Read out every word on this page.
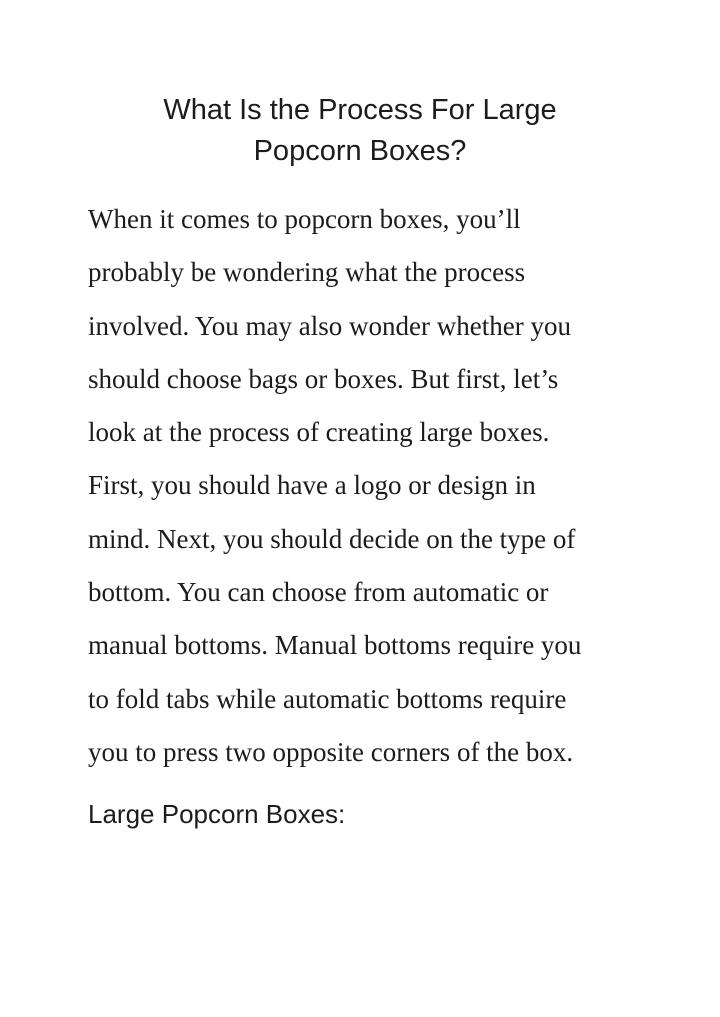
What Is the Process For Large
Popcorn Boxes?

When it comes to popcorn boxes, you’ll
probably be wondering what the process
involved. You may also wonder whether you
should choose bags or boxes. But first, let’s
look at the process of creating large boxes.
First, you should have a logo or design in
mind. Next, you should decide on the type of
bottom. You can choose from automatic or
manual bottoms. Manual bottoms require you
to fold tabs while automatic bottoms require
you to press two opposite corners of the box.

Large Popcorn Boxes:
